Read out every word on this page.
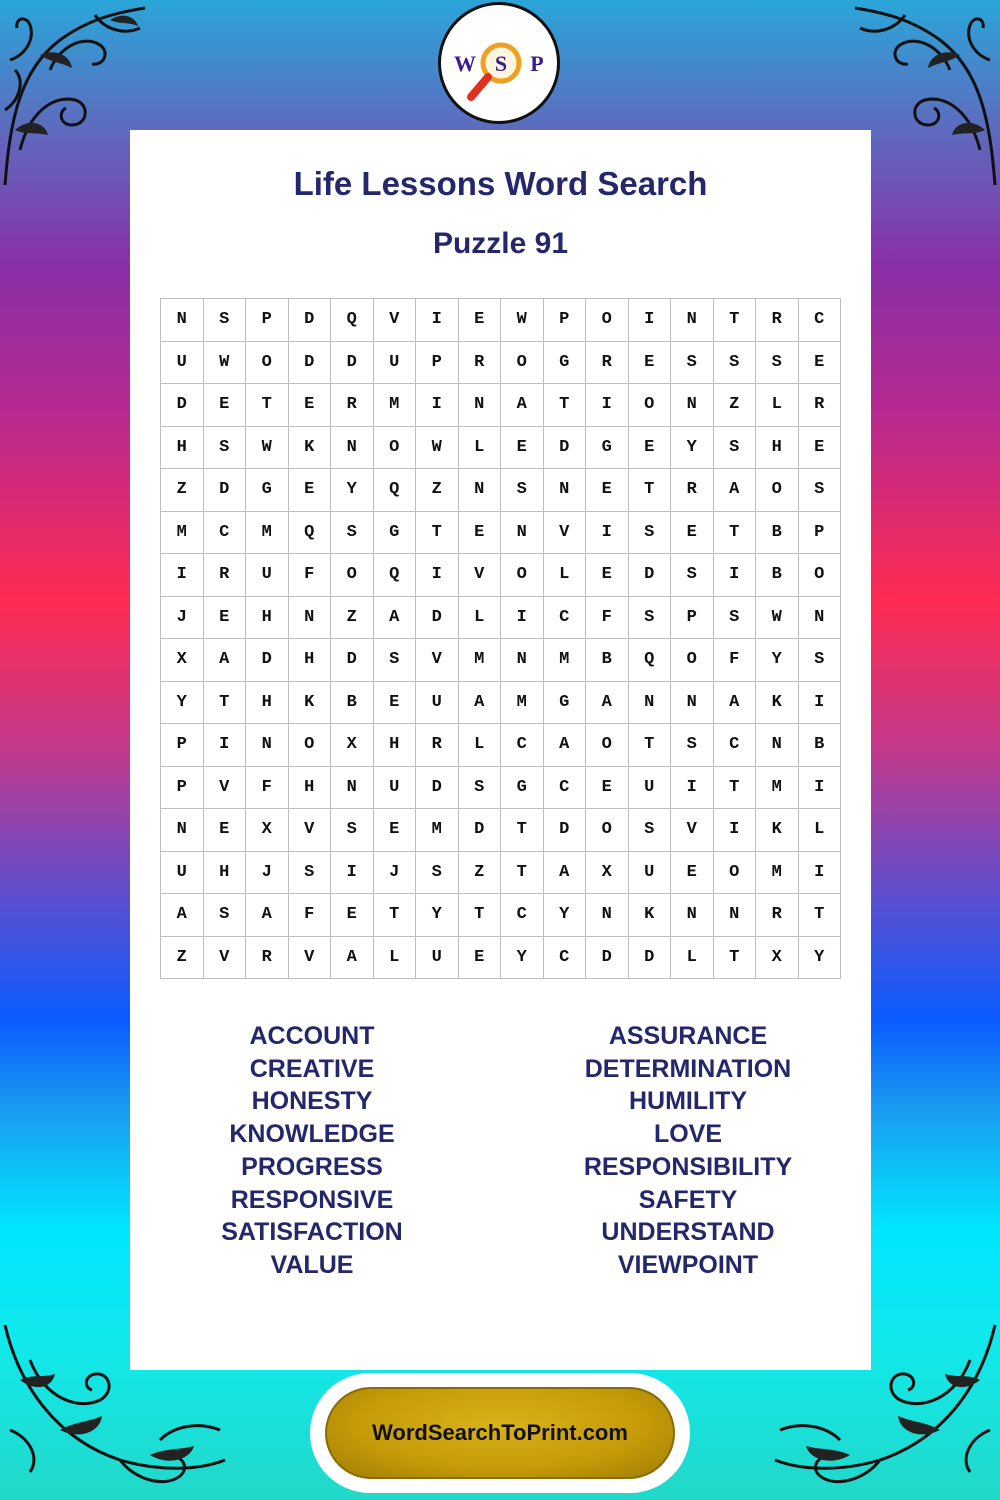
W S P
Life Lessons Word Search
Puzzle 91
N	S	P	D	Q	V	I	E	W	P	O	I	N	T	R	C
U	W	O	D	D	U	P	R	O	G	R	E	S	S	S	E
D	E	T	E	R	M	I	N	A	T	I	O	N	Z	L	R
H	S	W	K	N	O	W	L	E	D	G	E	Y	S	H	E
Z	D	G	E	Y	Q	Z	N	S	N	E	T	R	A	O	S
M	C	M	Q	S	G	T	E	N	V	I	S	E	T	B	P
I	R	U	F	O	Q	I	V	O	L	E	D	S	I	B	O
J	E	H	N	Z	A	D	L	I	C	F	S	P	S	W	N
X	A	D	H	D	S	V	M	N	M	B	Q	O	F	Y	S
Y	T	H	K	B	E	U	A	M	G	A	N	N	A	K	I
P	I	N	O	X	H	R	L	C	A	O	T	S	C	N	B
P	V	F	H	N	U	D	S	G	C	E	U	I	T	M	I
N	E	X	V	S	E	M	D	T	D	O	S	V	I	K	L
U	H	J	S	I	J	S	Z	T	A	X	U	E	O	M	I
A	S	A	F	E	T	Y	T	C	Y	N	K	N	N	R	T
Z	V	R	V	A	L	U	E	Y	C	D	D	L	T	X	Y
ACCOUNT
CREATIVE
HONESTY
KNOWLEDGE
PROGRESS
RESPONSIVE
SATISFACTION
VALUE
ASSURANCE
DETERMINATION
HUMILITY
LOVE
RESPONSIBILITY
SAFETY
UNDERSTAND
VIEWPOINT
WordSearchToPrint.com
